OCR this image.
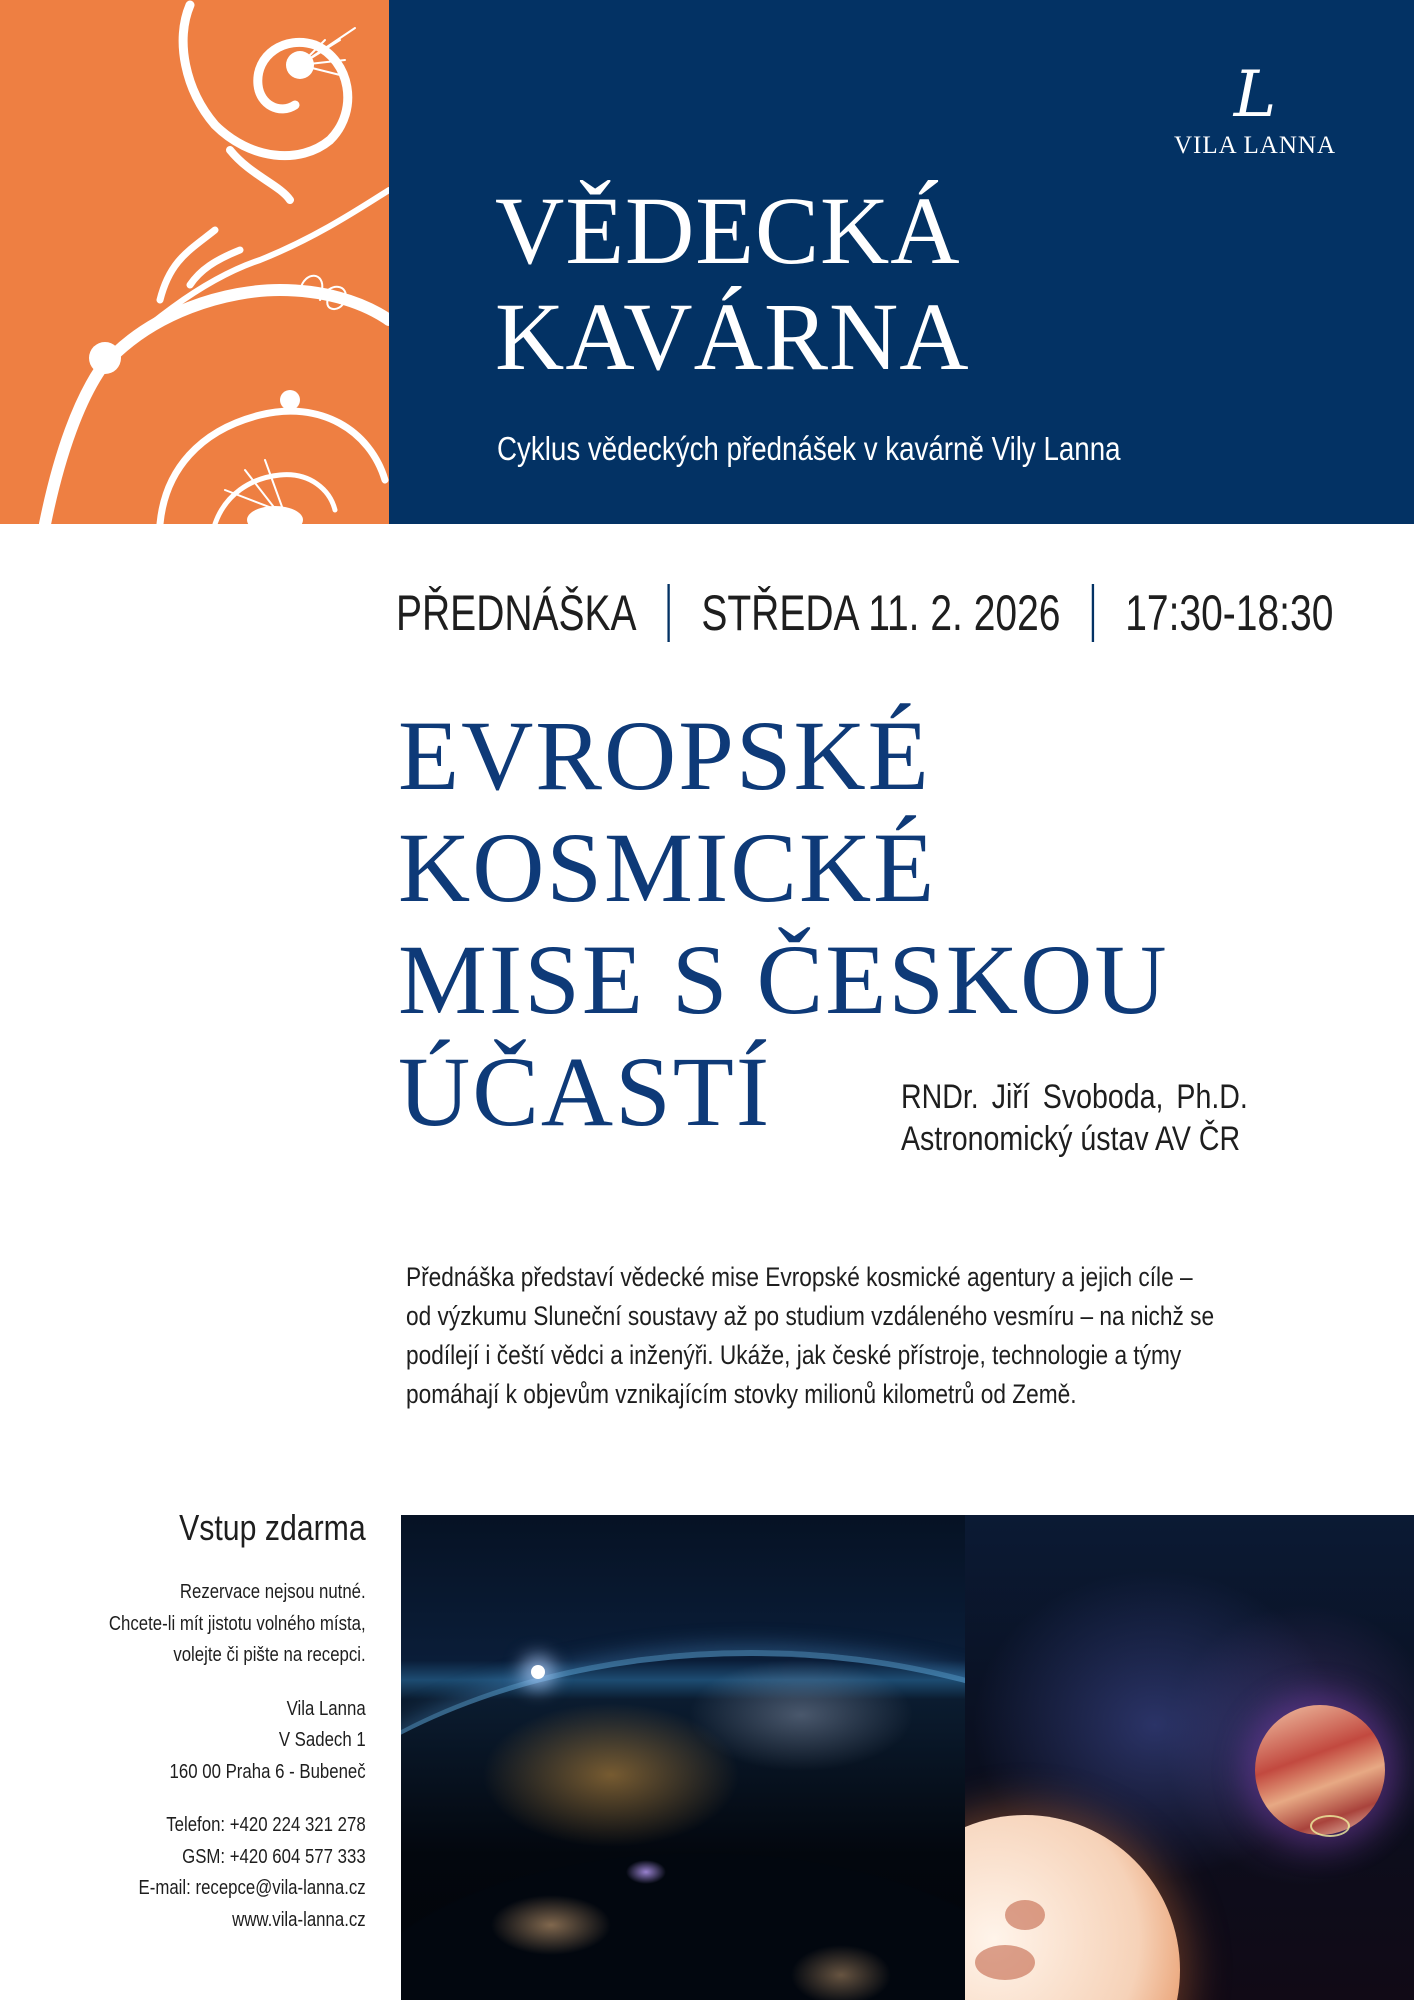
L
VILA LANNA
VĚDECKÁ
KAVÁRNA
Cyklus vědeckých přednášek v kavárně Vily Lanna
PŘEDNÁŠKA STŘEDA 11. 2. 2026 17:30-18:30
EVROPSKÉ
KOSMICKÉ
MISE S ČESKOU
ÚČASTÍ	RNDr. Jiří Svoboda, Ph.D.
Astronomický ústav AV ČR
Přednáška představí vědecké mise Evropské kosmické agentury a jejich cíle –
od výzkumu Sluneční soustavy až po studium vzdáleného vesmíru – na nichž se
podílejí i čeští vědci a inženýři. Ukáže, jak české přístroje, technologie a týmy
pomáhají k objevům vznikajícím stovky milionů kilometrů od Země.
Vstup zdarma

Rezervace nejsou nutné.
Chcete-li mít jistotu volného místa,
volejte či pište na recepci.

Vila Lanna
V Sadech 1
160 00 Praha 6 - Bubeneč

Telefon: +420 224 321 278
GSM: +420 604 577 333
E-mail: recepce@vila-lanna.cz
www.vila-lanna.cz
